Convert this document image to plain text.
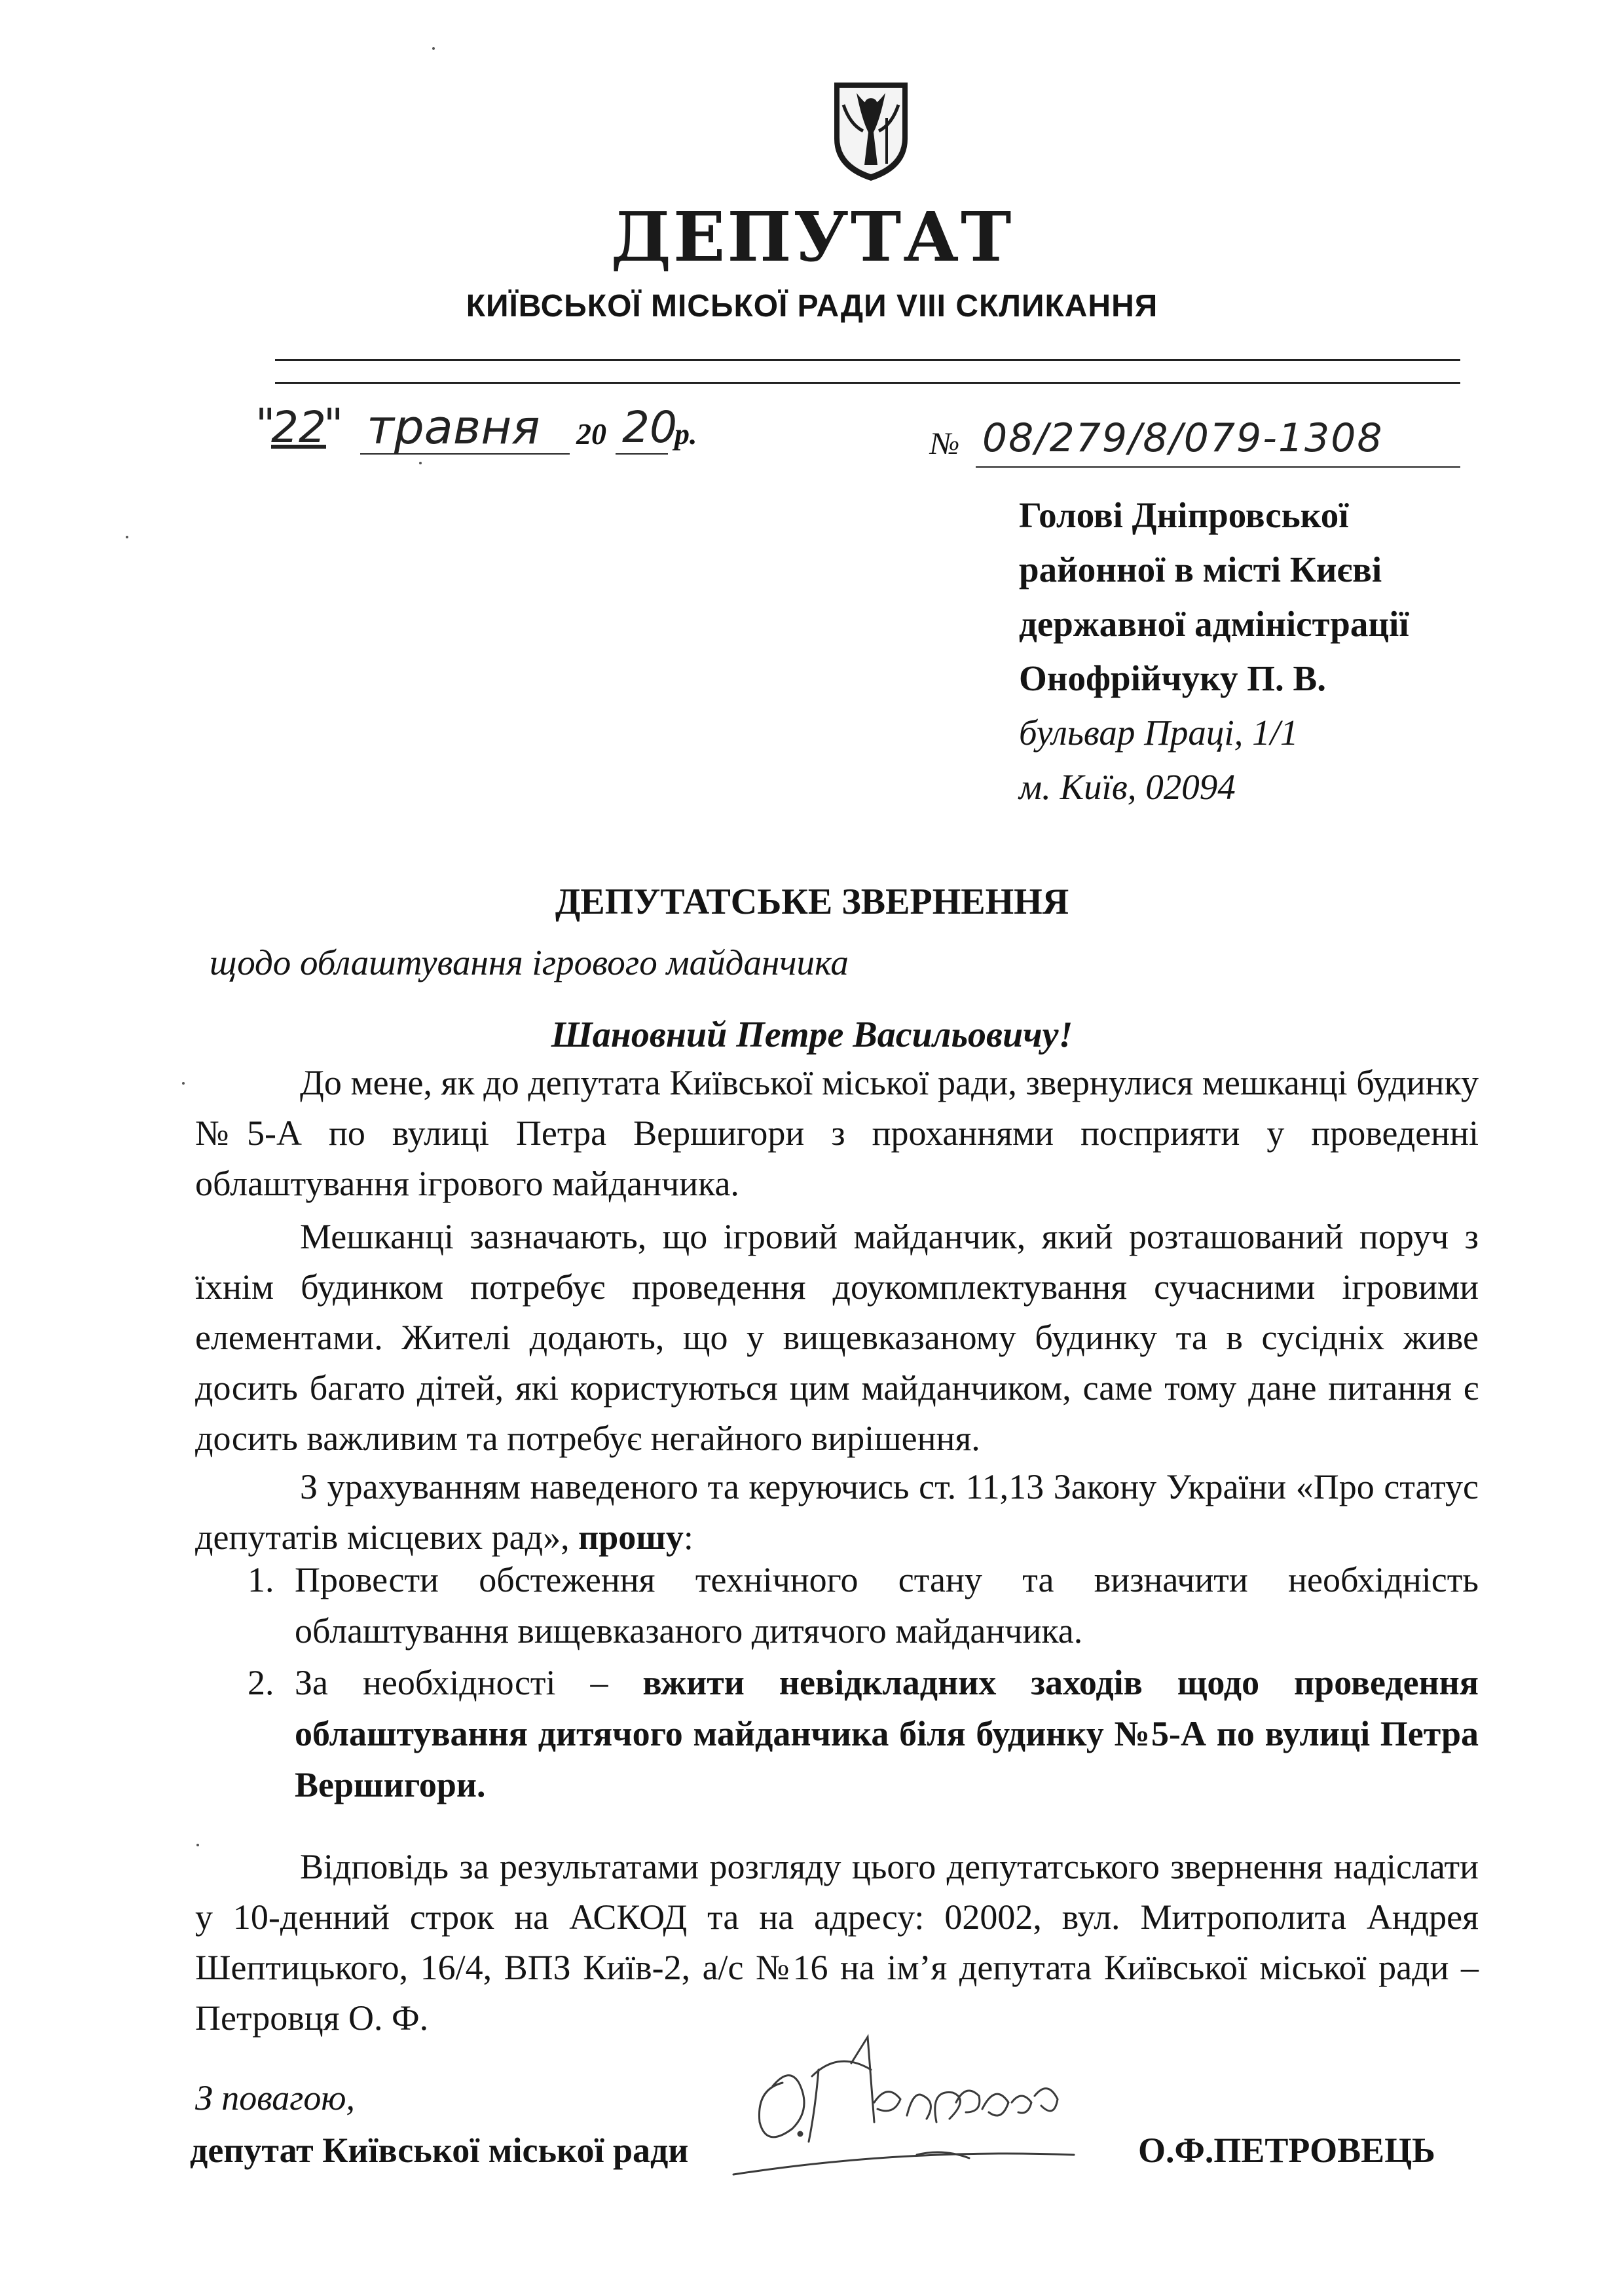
ДЕПУТАТ
КИЇВСЬКОЇ МІСЬКОЇ РАДИ VIII СКЛИКАННЯ
"
22
" травня 20 20
р.	№ 08/279/8/079-1308
Голові Дніпровської
районної в місті Києві
державної адміністрації
Онофрійчуку П. В.
бульвар Праці, 1/1
м. Київ, 02094
ДЕПУТАТСЬКЕ ЗВЕРНЕННЯ
щодо облаштування ігрового майданчика
Шановний Петре Васильовичу!
До мене, як до депутата Київської міської ради, звернулися мешканці будинку №5-А по вулиці Петра Вершигори з проханнями посприяти у проведенні облаштування ігрового майданчика.
Мешканці зазначають, що ігровий майданчик, який розташований поруч з їхнім будинком потребує проведення доукомплектування сучасними ігровими елементами. Жителі додають, що у вищевказаному будинку та в сусідніх живе досить багато дітей, які користуються цим майданчиком, саме тому дане питання є досить важливим та потребує негайного вирішення.
З урахуванням наведеного та керуючись ст. 11,13 Закону України «Про статус депутатів місцевих рад», прошу:
1. Провести обстеження технічного стану та визначити необхідність облаштування вищевказаного дитячого майданчика.
2. За необхідності – вжити невідкладних заходів щодо проведення облаштування дитячого майданчика біля будинку №5-А по вулиці Петра Вершигори.
Відповідь за результатами розгляду цього депутатського звернення надіслати у 10-денний строк на АСКОД та на адресу: 02002, вул. Митрополита Андрея Шептицького, 16/4, ВПЗ Київ-2, а/с №16 на ім’я депутата Київської міської ради – Петровця О. Ф.
З повагою,
депутат Київської міської ради	О.Ф.ПЕТРОВЕЦЬ
